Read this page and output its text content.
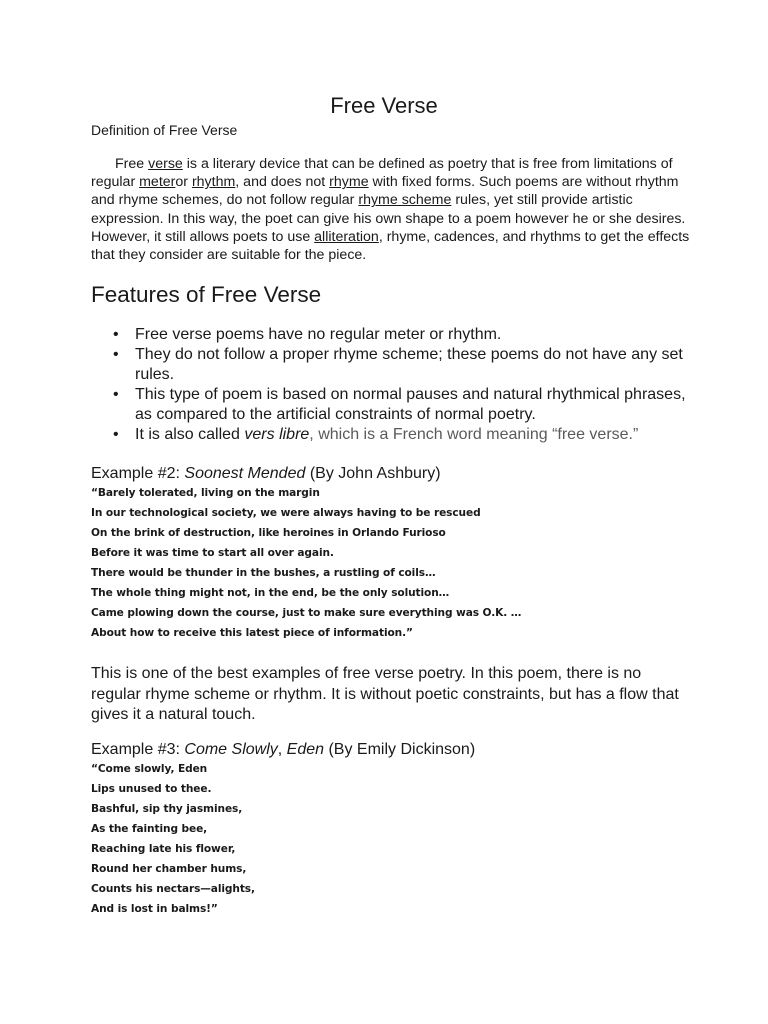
Free Verse
Definition of Free Verse

Free verse is a literary device that can be defined as poetry that is free from limitations of regular meteror rhythm, and does not rhyme with fixed forms. Such poems are without rhythm and rhyme schemes, do not follow regular rhyme scheme rules, yet still provide artistic expression. In this way, the poet can give his own shape to a poem however he or she desires. However, it still allows poets to use alliteration, rhyme, cadences, and rhythms to get the effects that they consider are suitable for the piece.

Features of Free Verse
• Free verse poems have no regular meter or rhythm.
• They do not follow a proper rhyme scheme; these poems do not have any set rules.
• This type of poem is based on normal pauses and natural rhythmical phrases, as compared to the artificial constraints of normal poetry.
• It is also called vers libre, which is a French word meaning “free verse.”
Example #2: Soonest Mended (By John Ashbury)
“Barely tolerated, living on the margin
In our technological society, we were always having to be rescued
On the brink of destruction, like heroines in Orlando Furioso
Before it was time to start all over again.
There would be thunder in the bushes, a rustling of coils…
The whole thing might not, in the end, be the only solution…
Came plowing down the course, just to make sure everything was O.K. …
About how to receive this latest piece of information.”

This is one of the best examples of free verse poetry. In this poem, there is no regular rhyme scheme or rhythm. It is without poetic constraints, but has a flow that gives it a natural touch.

Example #3: Come Slowly, Eden (By Emily Dickinson)
“Come slowly, Eden
Lips unused to thee.
Bashful, sip thy jasmines,
As the fainting bee,
Reaching late his flower,
Round her chamber hums,
Counts his nectars—alights,
And is lost in balms!”
